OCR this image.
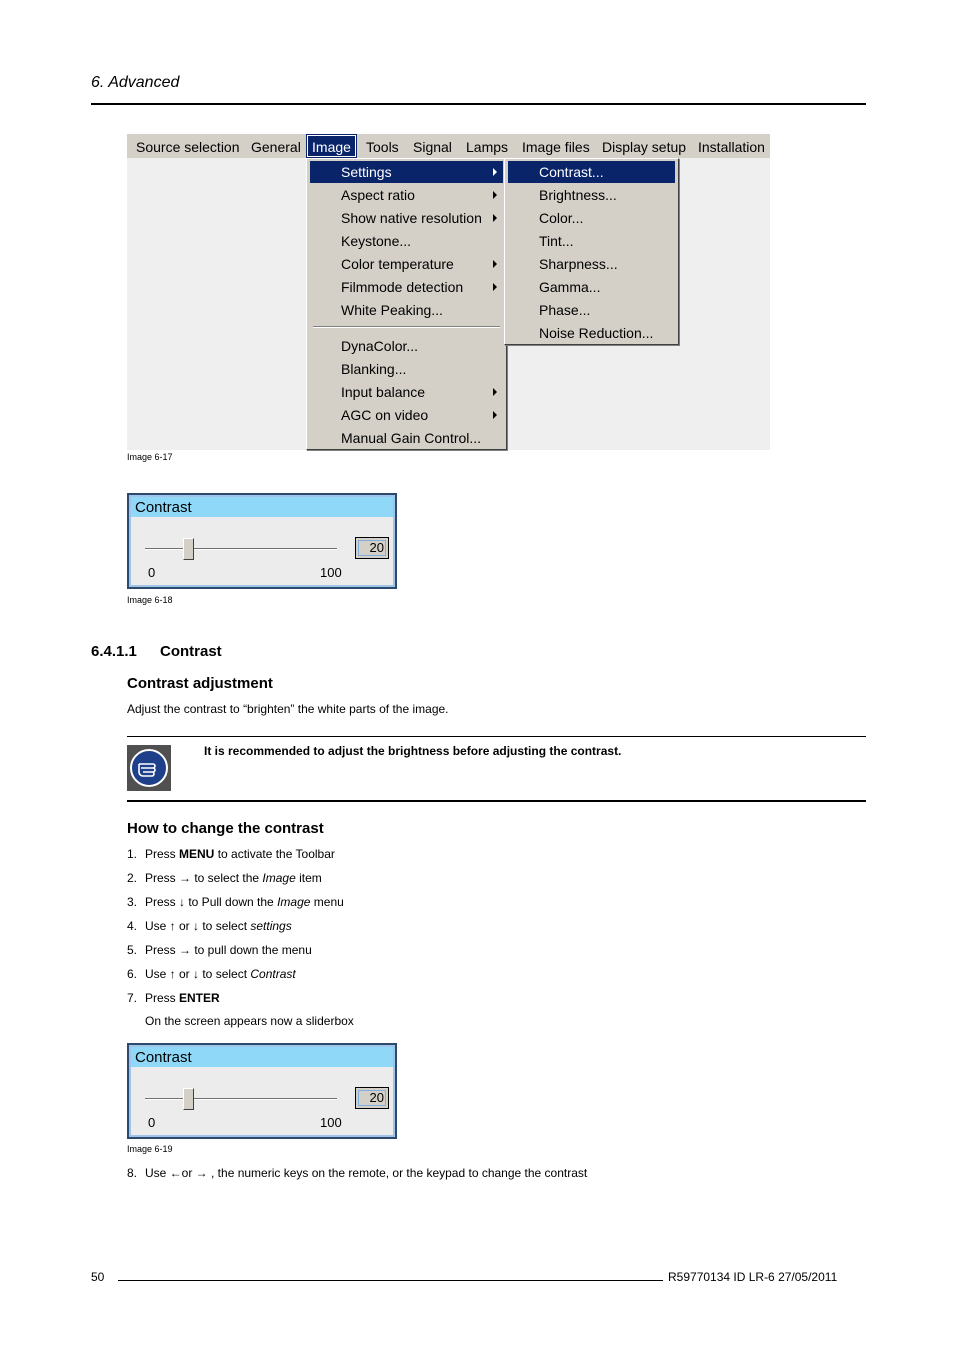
6. Advanced
Source selection General Image	Tools Signal Lamps Image files Display setup Installation
Settings
Aspect ratio
Show native resolution
Keystone...
Color temperature
Filmmode detection
White Peaking...
DynaColor...
Blanking...
Input balance
AGC on video
Manual Gain Control...
Contrast...
Brightness...
Color...
Tint...
Sharpness...
Gamma...
Phase...
Noise Reduction...
Image 6-17
Contrast
20
0	100
Image 6-18
6.4.1.1 Contrast
Contrast adjustment
Adjust the contrast to “brighten” the white parts of the image.
It is recommended to adjust the brightness before adjusting the contrast.
How to change the contrast
1. Press MENU to activate the Toolbar
2. Press → to select the Image item
3. Press ↓ to Pull down the Image menu
4. Use ↑ or ↓ to select settings
5. Press → to pull down the menu
6. Use ↑ or ↓ to select Contrast
7. Press ENTER
On the screen appears now a sliderbox
8. Use ←or → , the numeric keys on the remote, or the keypad to change the contrast
Contrast
20
0	100
Image 6-19
50	R59770134 ID LR-6 27/05/2011
